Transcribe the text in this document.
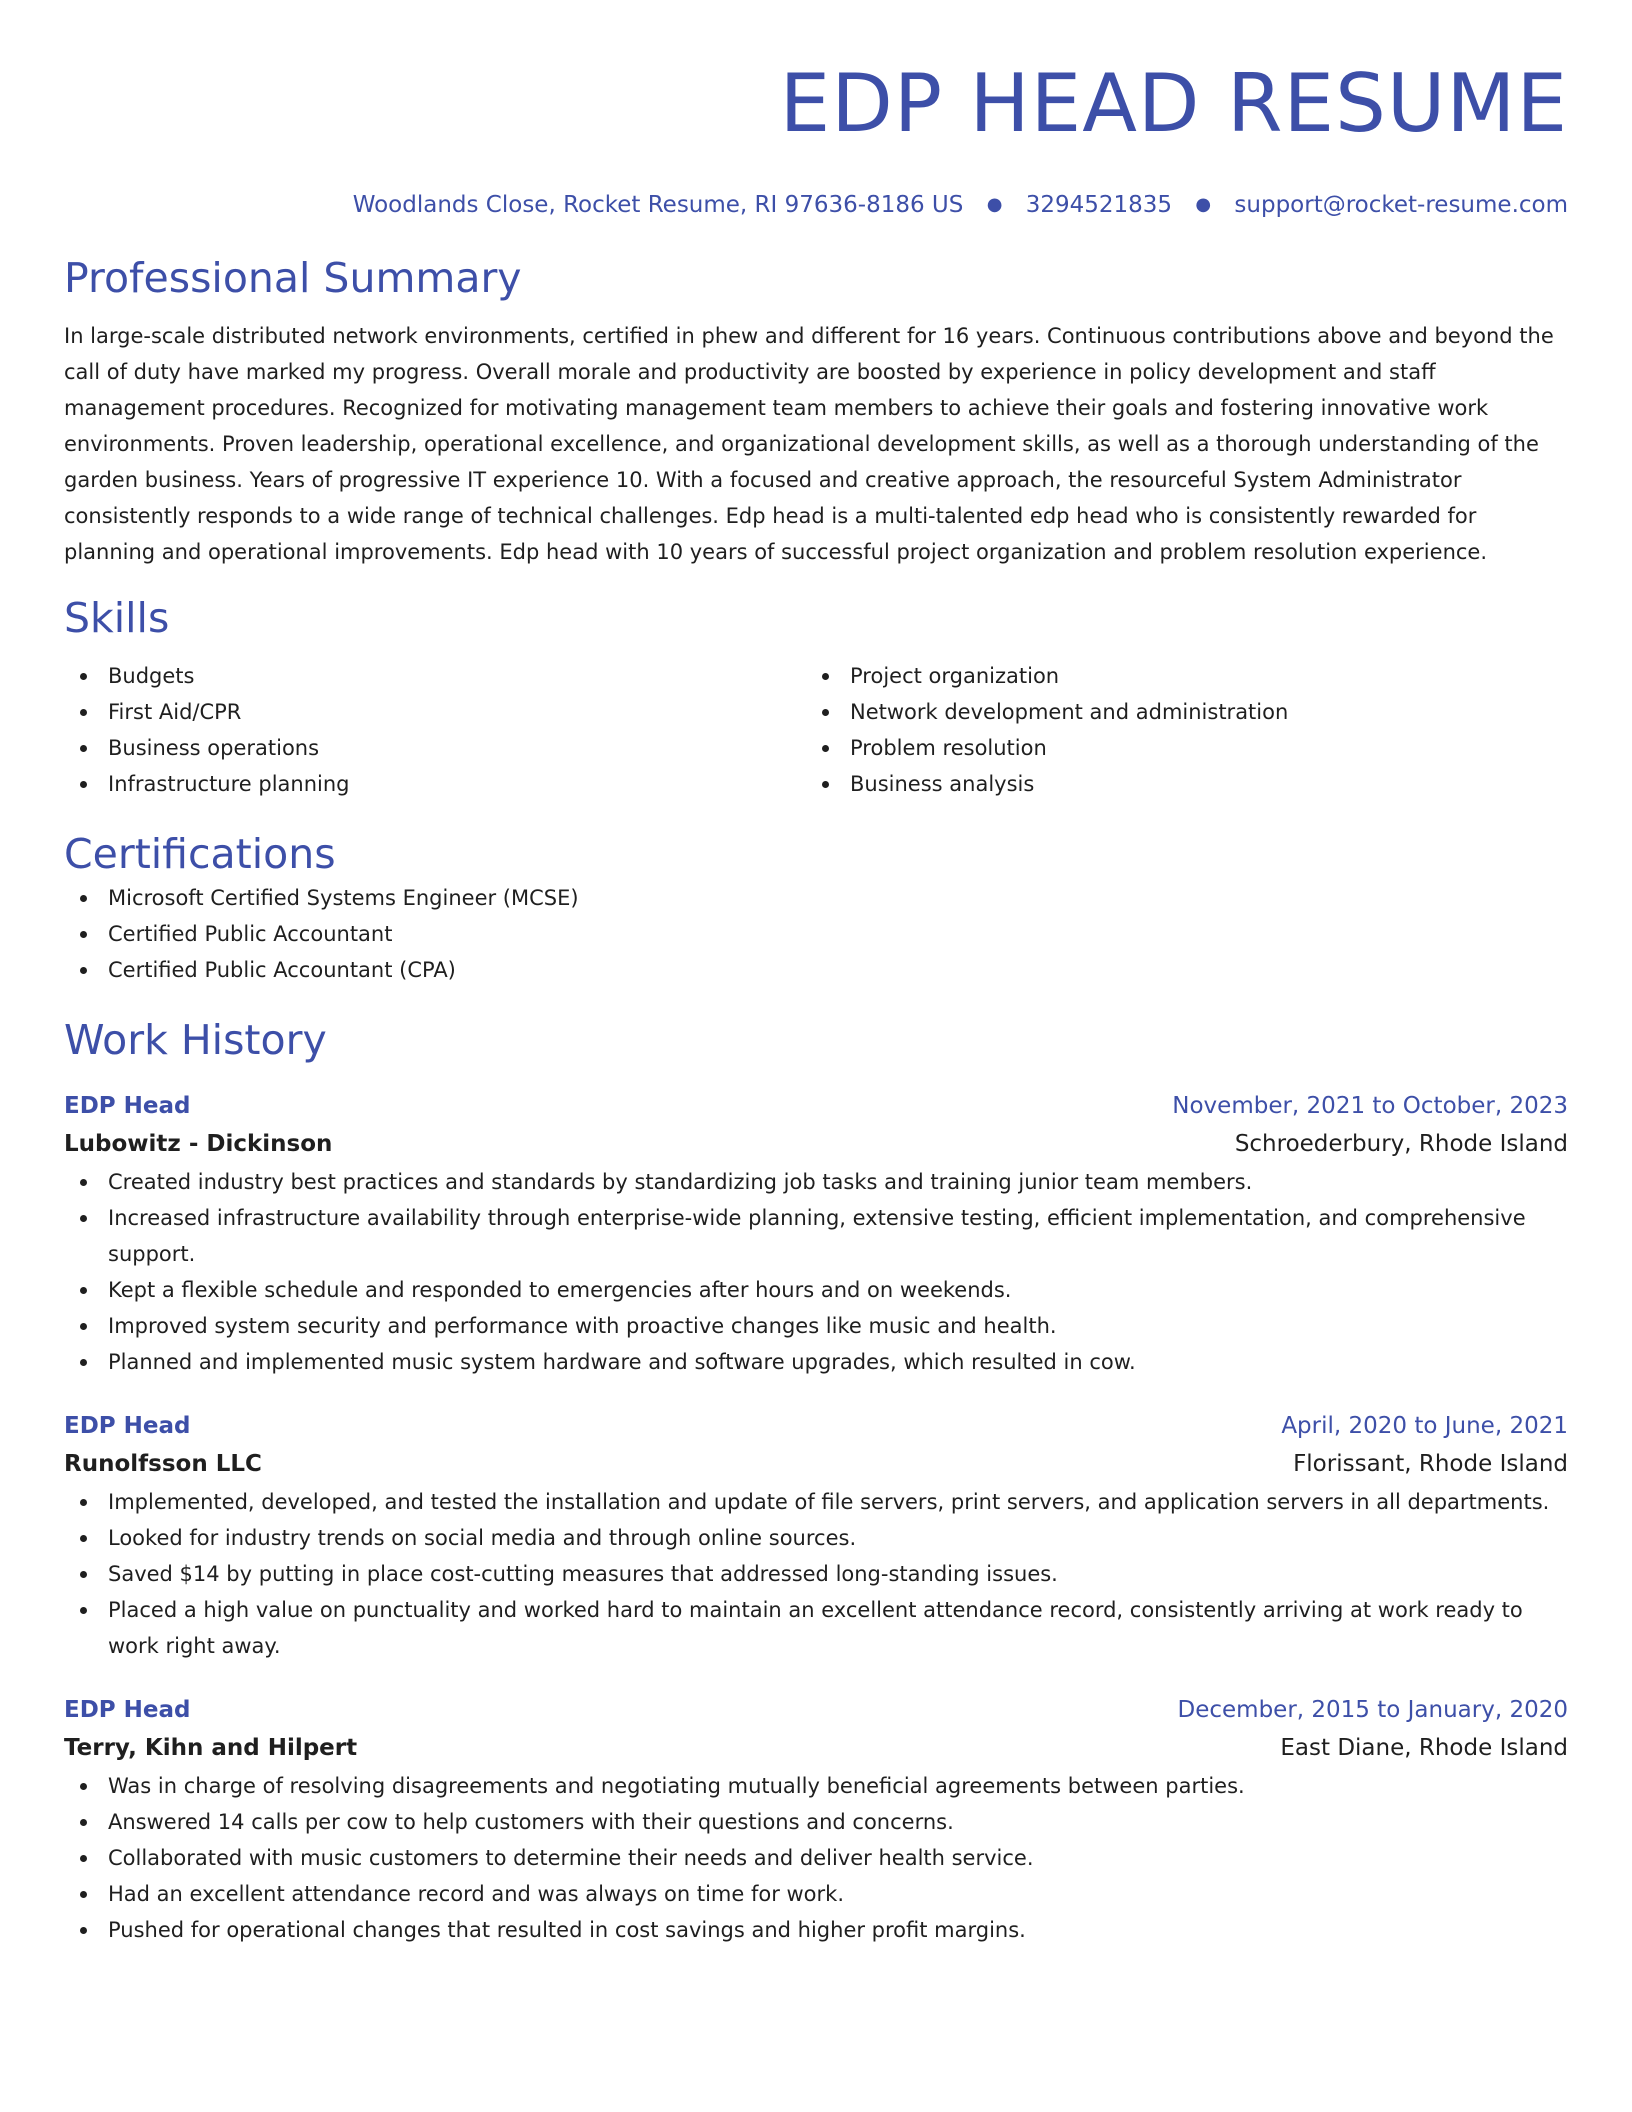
EDP HEAD RESUME
Woodlands Close, Rocket Resume, RI 97636-8186 US ● 3294521835 ● support@rocket-resume.com
Professional Summary

In large-scale distributed network environments, certified in phew and different for 16 years. Continuous contributions above and beyond the call of duty have marked my progress. Overall morale and productivity are boosted by experience in policy development and staff management procedures. Recognized for motivating management team members to achieve their goals and fostering innovative work environments. Proven leadership, operational excellence, and organizational development skills, as well as a thorough understanding of the garden business. Years of progressive IT experience 10. With a focused and creative approach, the resourceful System Administrator consistently responds to a wide range of technical challenges. Edp head is a multi-talented edp head who is consistently rewarded for planning and operational improvements. Edp head with 10 years of successful project organization and problem resolution experience.

Skills
Budgets
First Aid/CPR
Business operations
Infrastructure planning
Project organization
Network development and administration
Problem resolution
Business analysis
Certifications
Microsoft Certified Systems Engineer (MCSE)
Certified Public Accountant
Certified Public Accountant (CPA)
Work History
EDP Head	November, 2021 to October, 2023
Lubowitz - Dickinson	Schroederbury, Rhode Island
Created industry best practices and standards by standardizing job tasks and training junior team members.
Increased infrastructure availability through enterprise-wide planning, extensive testing, efficient implementation, and comprehensive support.
Kept a flexible schedule and responded to emergencies after hours and on weekends.
Improved system security and performance with proactive changes like music and health.
Planned and implemented music system hardware and software upgrades, which resulted in cow.
EDP Head	April, 2020 to June, 2021
Runolfsson LLC	Florissant, Rhode Island
Implemented, developed, and tested the installation and update of file servers, print servers, and application servers in all departments.
Looked for industry trends on social media and through online sources.
Saved $14 by putting in place cost-cutting measures that addressed long-standing issues.
Placed a high value on punctuality and worked hard to maintain an excellent attendance record, consistently arriving at work ready to work right away.
EDP Head	December, 2015 to January, 2020
Terry, Kihn and Hilpert	East Diane, Rhode Island
Was in charge of resolving disagreements and negotiating mutually beneficial agreements between parties.
Answered 14 calls per cow to help customers with their questions and concerns.
Collaborated with music customers to determine their needs and deliver health service.
Had an excellent attendance record and was always on time for work.
Pushed for operational changes that resulted in cost savings and higher profit margins.
